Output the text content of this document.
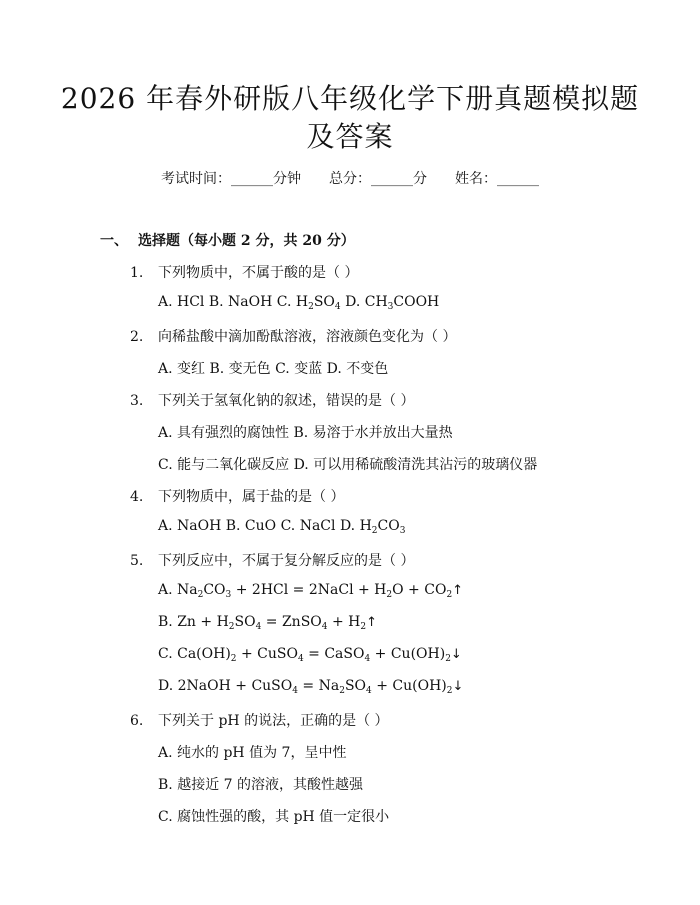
2026 年春外研版八年级化学下册真题模拟题
及答案
考试时间：______分钟 总分：______分 姓名：______
一、 选择题（每小题 2 分，共 20 分）
1. 下列物质中，不属于酸的是（ ）
A. HCl B. NaOH C. $H_2SO_4$ D. $CH_3COOH$
2. 向稀盐酸中滴加酚酞溶液，溶液颜色变化为（ ）
A. 变红 B. 变无色 C. 变蓝 D. 不变色
3. 下列关于氢氧化钠的叙述，错误的是（ ）
A. 具有强烈的腐蚀性 B. 易溶于水并放出大量热
C. 能与二氧化碳反应 D. 可以用稀硫酸清洗其沾污的玻璃仪器
4. 下列物质中，属于盐的是（ ）
A. NaOH B. CuO C. NaCl D. $H_2CO_3$
5. 下列反应中，不属于复分解反应的是（ ）
A. $Na_2CO_3 + 2HCl$ = 2NaCl + $H_2O$ + $CO_2↑$
B. $Zn + H_2SO_4$ = ZnSO$_4$ + $H_2↑$
C. $Ca(OH)_2$ + CuSO$_4$ = CaSO$_4$ + $Cu(OH)_2↓$
D. 2NaOH + CuSO$_4$ = $Na_2SO_4$ + $Cu(OH)_2↓$
6. 下列关于 pH 的说法，正确的是（ ）
A. 纯水的 pH 值为 7，呈中性
B. 越接近 7 的溶液，其酸性越强
C. 腐蚀性强的酸，其 pH 值一定很小
